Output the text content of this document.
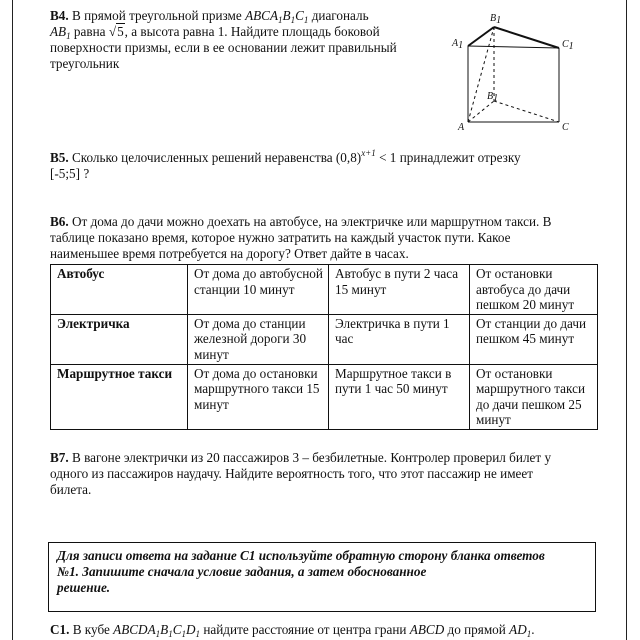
В4. В прямой треугольной призме $ABCA_1B_1C_1$ диагональ

$AB_1$ равна √5, а высота равна 1. Найдите площадь боковой

поверхности призмы, если в ее основании лежит правильный

треугольник

B1
A1	C1
B1
A	C

В5. Сколько целочисленных решений неравенства $(0,8)^{x+1} < 1$ принадлежит отрезку

[-5;5] ?

В6. От дома до дачи можно доехать на автобусе, на электричке или маршрутном такси. В

таблице показано время, которое нужно затратить на каждый участок пути. Какое

наименьшее время потребуется на дорогу? Ответ дайте в часах.

Автобус	От дома до автобусной станции 10 минут	Автобус в пути 2 часа 15 минут	От остановки автобуса до дачи пешком 20 минут
Электричка	От дома до станции железной дороги 30 минут	Электричка в пути 1 час	От станции до дачи пешком 45 минут
Маршрутное такси	От дома до остановки маршрутного такси 15 минут	Маршрутное такси в пути 1 час 50 минут	От остановки маршрутного такси до дачи пешком 25 минут

В7. В вагоне электрички из 20 пассажиров 3 – безбилетные. Контролер проверил билет у

одного из пассажиров наудачу. Найдите вероятность того, что этот пассажир не имеет

билета.

Для записи ответа на задание С1 используйте обратную сторону бланка ответов
№1. Запишите сначала условие задания, а затем обоснованное
решение.

С1. В кубе $ABCDA_1B_1C_1D_1$ найдите расстояние от центра грани ABCD до прямой $AD_1$.
